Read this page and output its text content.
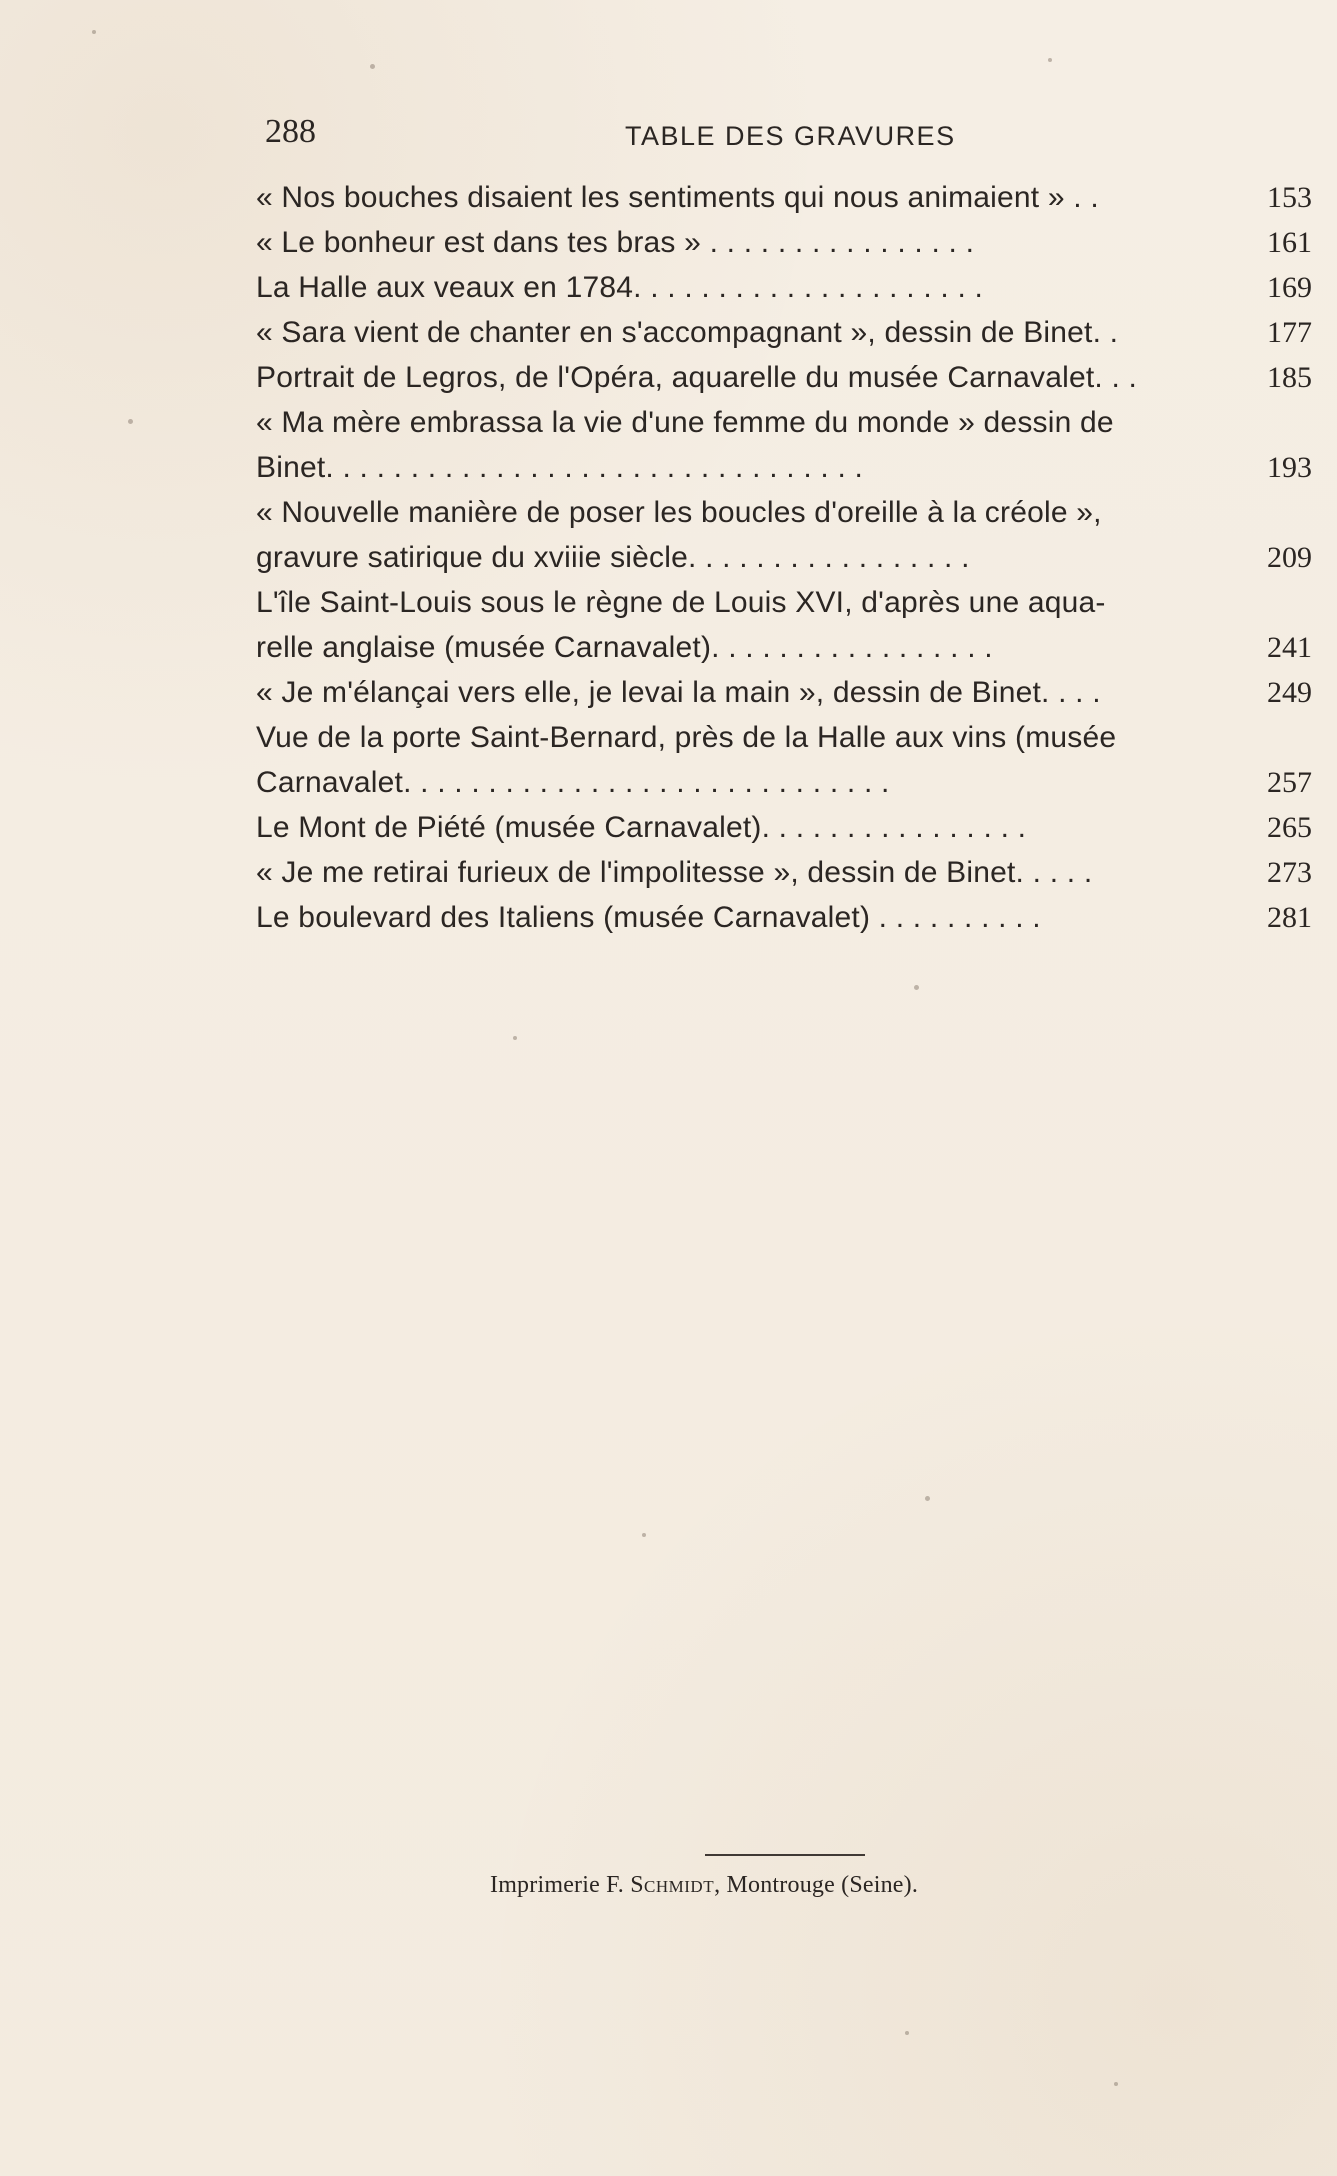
288	TABLE DES GRAVURES
« Nos bouches disaient les sentiments qui nous animaient » . .	153
« Le bonheur est dans tes bras » . . . . . . . . . . . . . . . .	161
La Halle aux veaux en 1784. . . . . . . . . . . . . . . . . . . . .	169
« Sara vient de chanter en s'accompagnant », dessin de Binet. .	177
Portrait de Legros, de l'Opéra, aquarelle du musée Carnavalet. . .	185
« Ma mère embrassa la vie d'une femme du monde » dessin de
Binet. . . . . . . . . . . . . . . . . . . . . . . . . . . . . . . .	193
« Nouvelle manière de poser les boucles d'oreille à la créole »,
gravure satirique du xviiie siècle. . . . . . . . . . . . . . . . .	209
L'île Saint-Louis sous le règne de Louis XVI, d'après une aqua-
relle anglaise (musée Carnavalet). . . . . . . . . . . . . . . . .	241
« Je m'élançai vers elle, je levai la main », dessin de Binet. . . .	249
Vue de la porte Saint-Bernard, près de la Halle aux vins (musée
Carnavalet. . . . . . . . . . . . . . . . . . . . . . . . . . . . .	257
Le Mont de Piété (musée Carnavalet). . . . . . . . . . . . . . . .	265
« Je me retirai furieux de l'impolitesse », dessin de Binet. . . . .	273
Le boulevard des Italiens (musée Carnavalet) . . . . . . . . . .	281
Imprimerie F. Schmidt, Montrouge (Seine).
